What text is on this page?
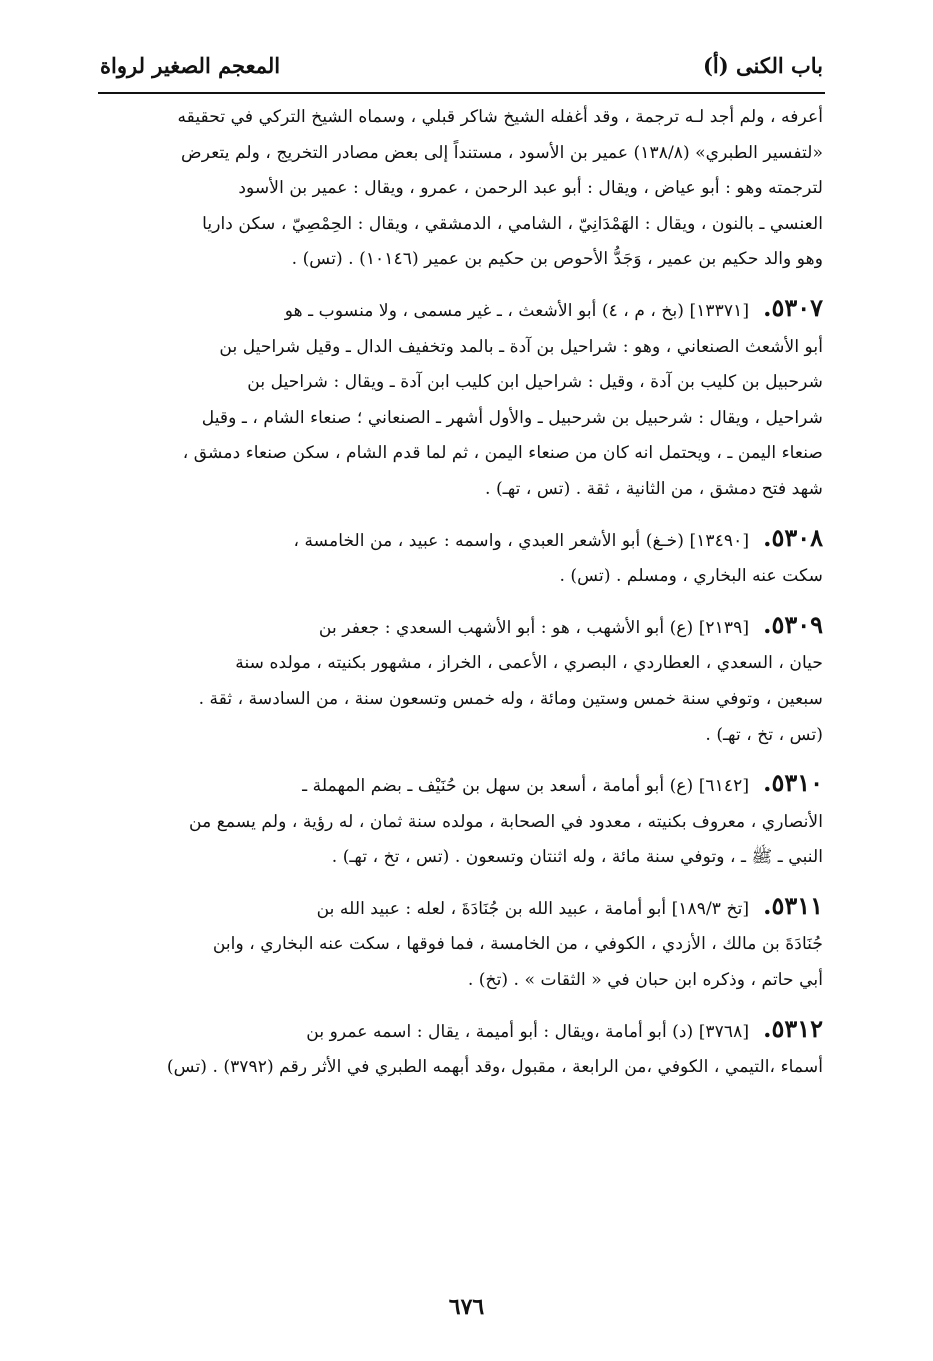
باب الكنى (أ)
المعجم الصغير لرواة

أعرفه ، ولم أجد لـه ترجمة ، وقد أغفله الشيخ شاكر قبلي ، وسماه الشيخ التركي في تحقيقه

«لتفسير الطبري» (١٣٨/٨) عمير بن الأسود ، مستنداً إلى بعض مصادر التخريج ، ولم يتعرض

لترجمته وهو : أبو عياض ، ويقال : أبو عبد الرحمن ، عمرو ، ويقال : عمير بن الأسود

العنسي ـ بالنون ، ويقال : الهَمْدَانِيّ ، الشامي ، الدمشقي ، ويقال : الحِمْصِيّ ، سكن داريا

وهو والد حكيم بن عمير ، وَجَدُّ الأحوص بن حكيم بن عمير (١٠١٤٦) . (تس) .

٥٣٠٧.[١٣٣٧١] (بخ ، م ، ٤) أبو الأشعث ، ـ غير مسمى ، ولا منسوب ـ هو

أبو الأشعث الصنعاني ، وهو : شراحيل بن آدة ـ بالمد وتخفيف الدال ـ وقيل شراحيل بن

شرحبيل بن كليب بن آدة ، وقيل : شراحيل ابن كليب ابن آدة ـ ويقال : شراحيل بن

شراحيل ، ويقال : شرحبيل بن شرحبيل ـ والأول أشهر ـ الصنعاني ؛ صنعاء الشام ، ـ وقيل

صنعاء اليمن ـ ، ويحتمل انه كان من صنعاء اليمن ، ثم لما قدم الشام ، سكن صنعاء دمشق ،

شهد فتح دمشق ، من الثانية ، ثقة . (تس ، تهـ) .

٥٣٠٨.[١٣٤٩٠] (خـغ) أبو الأشعر العبدي ، واسمه : عبيد ، من الخامسة ،

سكت عنه البخاري ، ومسلم . (تس) .

٥٣٠٩.[٢١٣٩] (ع) أبو الأشهب ، هو : أبو الأشهب السعدي : جعفر بن

حيان ، السعدي ، العطاردي ، البصري ، الأعمى ، الخراز ، مشهور بكنيته ، مولده سنة

سبعين ، وتوفي سنة خمس وستين ومائة ، وله خمس وتسعون سنة ، من السادسة ، ثقة .

(تس ، تخ ، تهـ) .

٥٣١٠.[٦١٤٢] (ع) أبو أمامة ، أسعد بن سهل بن حُنَيْف ـ بضم المهملة ـ

الأنصاري ، معروف بكنيته ، معدود في الصحابة ، مولده سنة ثمان ، له رؤية ، ولم يسمع من

النبي ـ ﷺ ـ ، وتوفي سنة مائة ، وله اثنتان وتسعون . (تس ، تخ ، تهـ) .

٥٣١١.[تخ ١٨٩/٣] أبو أمامة ، عبيد الله بن جُنَادَةَ ، لعله : عبيد الله بن

جُنَادَةَ بن مالك ، الأزدي ، الكوفي ، من الخامسة ، فما فوقها ، سكت عنه البخاري ، وابن

أبي حاتم ، وذكره ابن حبان في « الثقات » . (تخ) .

٥٣١٢.[٣٧٦٨] (د) أبو أمامة ،ويقال : أبو أميمة ، يقال : اسمه عمرو بن

أسماء ،التيمي ، الكوفي ،من الرابعة ، مقبول ،وقد أبهمه الطبري في الأثر رقم (٣٧٩٢) . (تس)

٦٧٦
